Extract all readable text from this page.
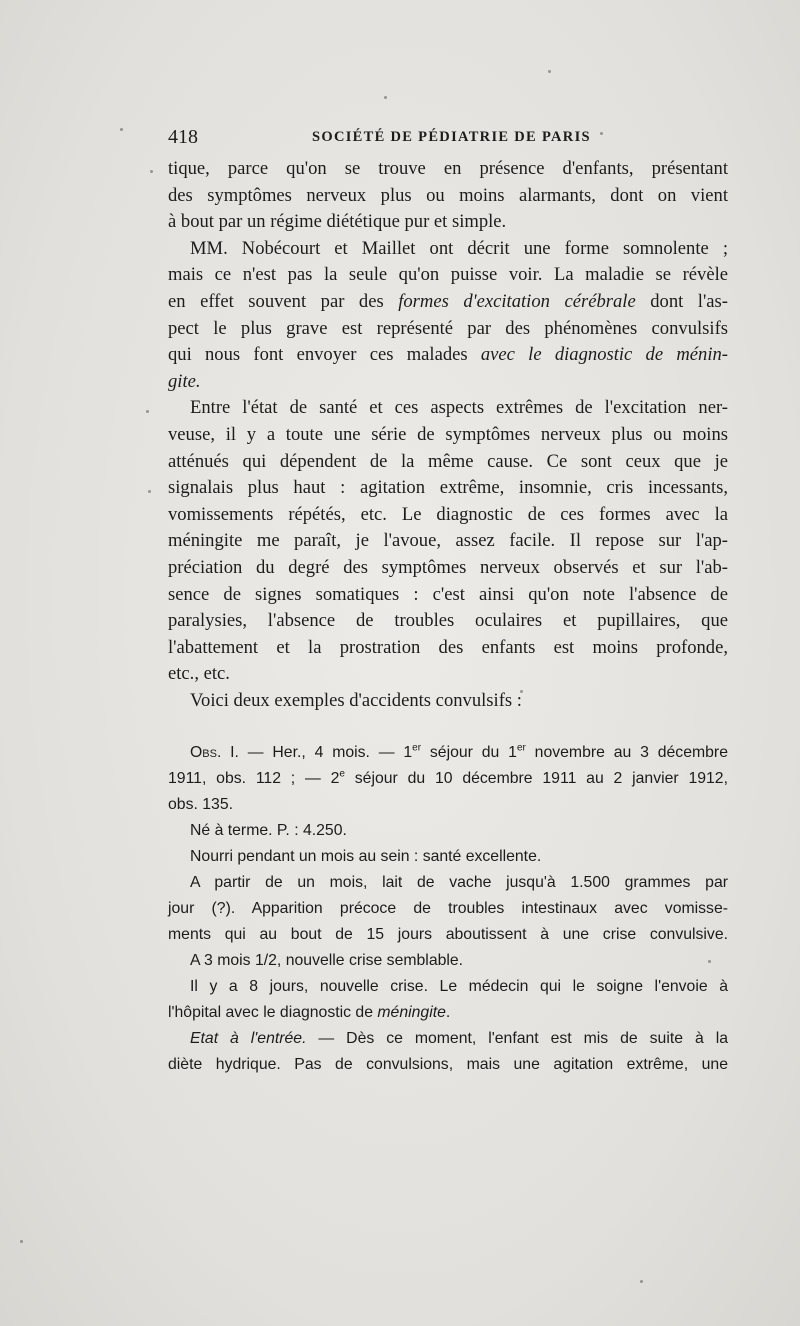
418	SOCIÉTÉ DE PÉDIATRIE DE PARIS
tique, parce qu'on se trouve en présence d'enfants, présentant
des symptômes nerveux plus ou moins alarmants, dont on vient
à bout par un régime diététique pur et simple.
MM. Nobécourt et Maillet ont décrit une forme somnolente ;
mais ce n'est pas la seule qu'on puisse voir. La maladie se révèle
en effet souvent par des formes d'excitation cérébrale dont l'as-
pect le plus grave est représenté par des phénomènes convulsifs
qui nous font envoyer ces malades avec le diagnostic de ménin-
gite.
Entre l'état de santé et ces aspects extrêmes de l'excitation ner-
veuse, il y a toute une série de symptômes nerveux plus ou moins
atténués qui dépendent de la même cause. Ce sont ceux que je
signalais plus haut : agitation extrême, insomnie, cris incessants,
vomissements répétés, etc. Le diagnostic de ces formes avec la
méningite me paraît, je l'avoue, assez facile. Il repose sur l'ap-
préciation du degré des symptômes nerveux observés et sur l'ab-
sence de signes somatiques : c'est ainsi qu'on note l'absence de
paralysies, l'absence de troubles oculaires et pupillaires, que
l'abattement et la prostration des enfants est moins profonde,
etc., etc.
Voici deux exemples d'accidents convulsifs :
Obs. I. — Her., 4 mois. — 1er séjour du 1er novembre au 3 décembre
1911, obs. 112 ; — 2e séjour du 10 décembre 1911 au 2 janvier 1912,
obs. 135.
Né à terme. P. : 4.250.
Nourri pendant un mois au sein : santé excellente.
A partir de un mois, lait de vache jusqu'à 1.500 grammes par
jour (?). Apparition précoce de troubles intestinaux avec vomisse-
ments qui au bout de 15 jours aboutissent à une crise convulsive.
A 3 mois 1/2, nouvelle crise semblable.
Il y a 8 jours, nouvelle crise. Le médecin qui le soigne l'envoie à
l'hôpital avec le diagnostic de méningite.
Etat à l'entrée. — Dès ce moment, l'enfant est mis de suite à la
diète hydrique. Pas de convulsions, mais une agitation extrême, une
